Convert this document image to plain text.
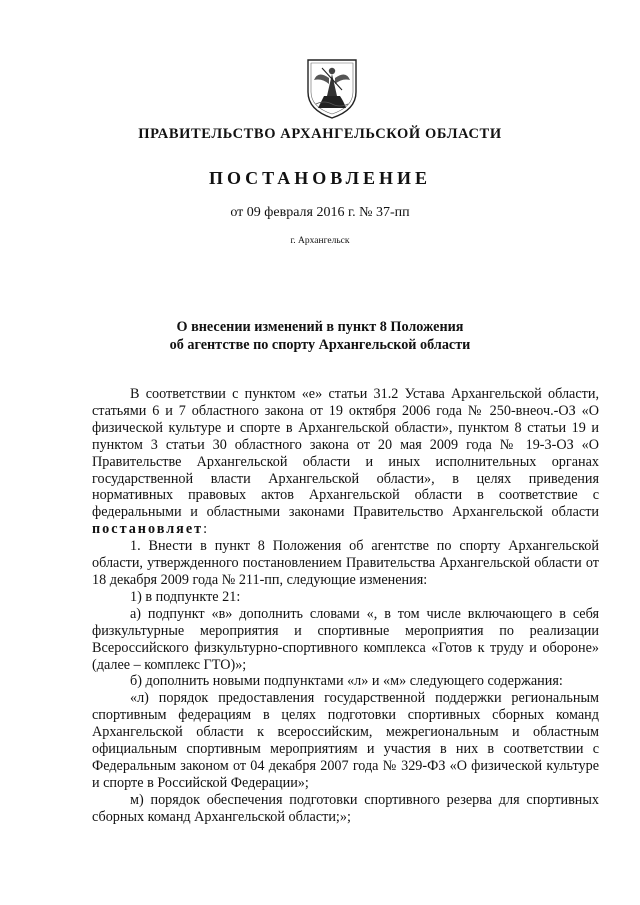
ПРАВИТЕЛЬСТВО АРХАНГЕЛЬСКОЙ ОБЛАСТИ
ПОСТАНОВЛЕНИЕ
от 09 февраля 2016 г. № 37-пп
г. Архангельск
О внесении изменений в пункт 8 Положения
об агентстве по спорту Архангельской области

В соответствии с пунктом «е» статьи 31.2 Устава Архангельской области, статьями 6 и 7 областного закона от 19 октября 2006 года № 250-внеоч.-ОЗ «О физической культуре и спорте в Архангельской области», пунктом 8 статьи 19 и пунктом 3 статьи 30 областного закона от 20 мая 2009 года № 19-3-ОЗ «О Правительстве Архангельской области и иных исполнительных органах государственной власти Архангельской области», в целях приведения нормативных правовых актов Архангельской области в соответствие с федеральными и областными законами Правительство Архангельской области постановляет:

1. Внести в пункт 8 Положения об агентстве по спорту Архангельской области, утвержденного постановлением Правительства Архангельской области от 18 декабря 2009 года № 211-пп, следующие изменения:

1) в подпункте 21:

а) подпункт «в» дополнить словами «, в том числе включающего в себя физкультурные мероприятия и спортивные мероприятия по реализации Всероссийского физкультурно-спортивного комплекса «Готов к труду и обороне» (далее – комплекс ГТО)»;

б) дополнить новыми подпунктами «л» и «м» следующего содержания:

«л) порядок предоставления государственной поддержки региональным спортивным федерациям в целях подготовки спортивных сборных команд Архангельской области к всероссийским, межрегиональным и областным официальным спортивным мероприятиям и участия в них в соответствии с Федеральным законом от 04 декабря 2007 года № 329-ФЗ «О физической культуре и спорте в Российской Федерации»;

м) порядок обеспечения подготовки спортивного резерва для спортивных сборных команд Архангельской области;»;
